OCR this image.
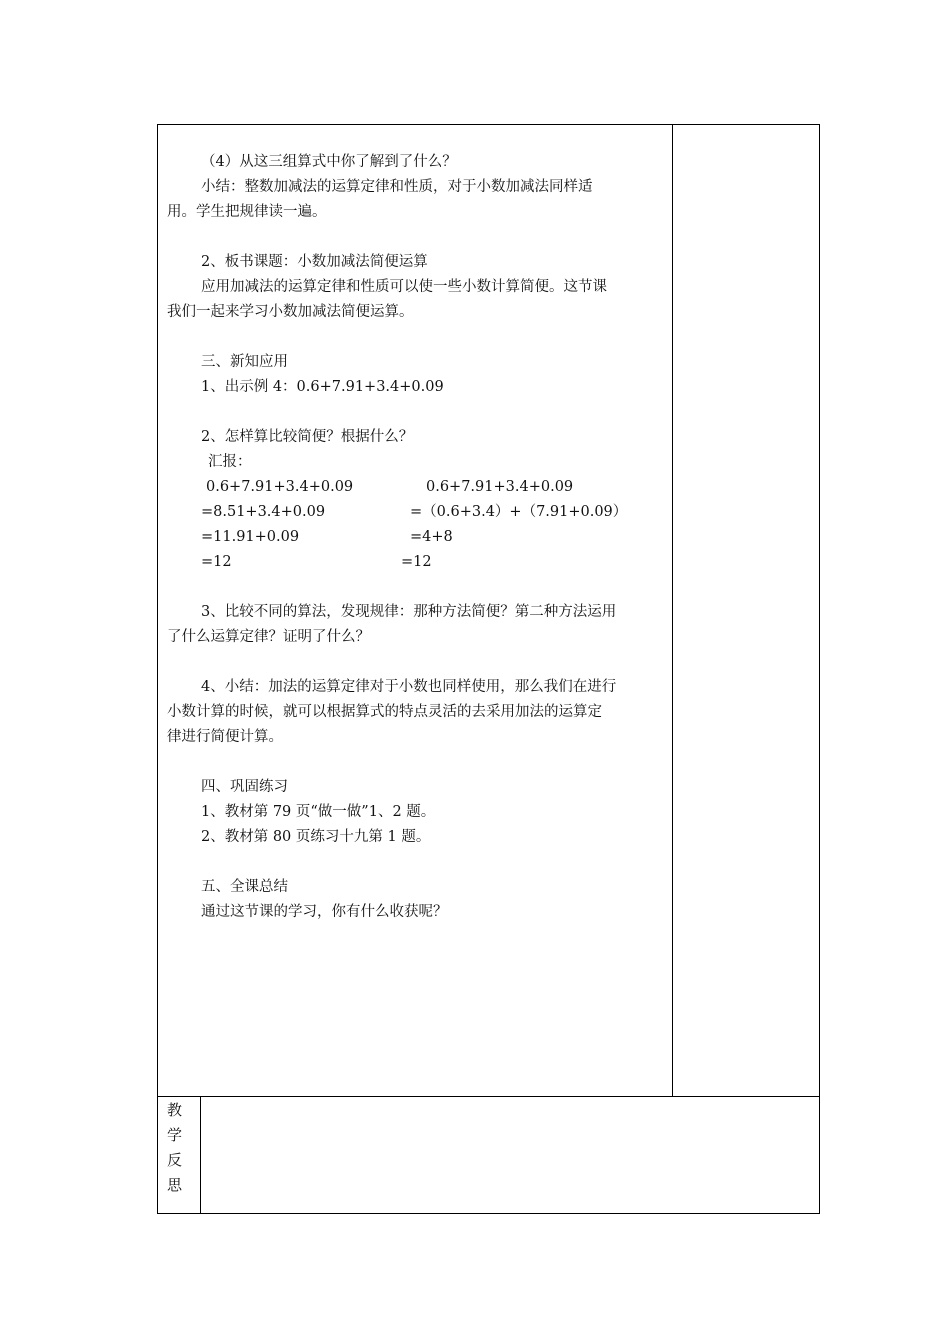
（4）从这三组算式中你了解到了什么？
小结：整数加减法的运算定律和性质，对于小数加减法同样适
用。学生把规律读一遍。
2、板书课题：小数加减法简便运算
应用加减法的运算定律和性质可以使一些小数计算简便。这节课
我们一起来学习小数加减法简便运算。
三、新知应用
1、出示例 4：0.6+7.91+3.4+0.09
2、怎样算比较简便？根据什么？
汇报：
0.6+7.91+3.4+0.09	0.6+7.91+3.4+0.09
=8.51+3.4+0.09	=（0.6+3.4）+（7.91+0.09）
=11.91+0.09	=4+8
=12	=12
3、比较不同的算法，发现规律：那种方法简便？第二种方法运用
了什么运算定律？证明了什么？
4、小结：加法的运算定律对于小数也同样使用，那么我们在进行
小数计算的时候，就可以根据算式的特点灵活的去采用加法的运算定
律进行简便计算。
四、巩固练习
1、教材第 79 页“做一做”1、2 题。
2、教材第 80 页练习十九第 1 题。
五、全课总结
通过这节课的学习，你有什么收获呢？
教
学
反
思
